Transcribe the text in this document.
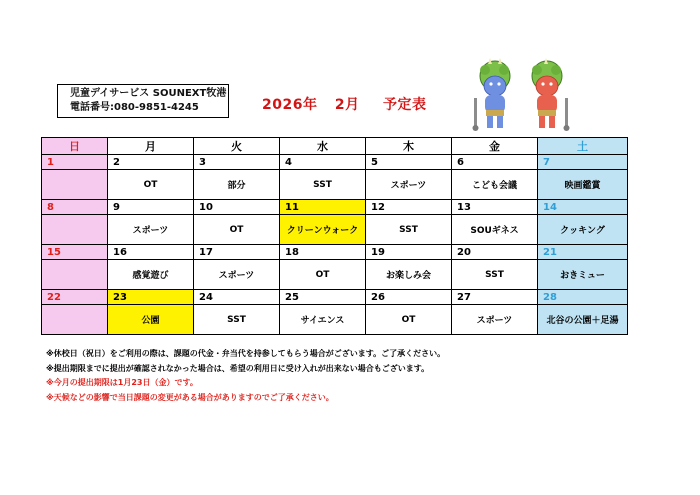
児童デイサービス SOUNEXT牧港
電話番号:080-9851-4245	2026年 2月 予定表
日	月	火	水	木	金	土
1	2	3	4	5	6	7
	OT	部分	SST	スポーツ	こども会議	映画鑑賞
8	9	10	11	12	13	14
	スポーツ	OT	クリーンウォーク	SST	SOUギネス	クッキング
15	16	17	18	19	20	21
	感覚遊び	スポーツ	OT	お楽しみ会	SST	おきミュー
22	23	24	25	26	27	28
	公園	SST	サイエンス	OT	スポーツ	北谷の公園＋足湯
※休校日（祝日）をご利用の際は、課題の代金・弁当代を持参してもらう場合がございます。ご了承ください。
※提出期限までに提出が確認されなかった場合は、希望の利用日に受け入れが出来ない場合もございます。
※今月の提出期限は1月23日（金）です。
※天候などの影響で当日課題の変更がある場合がありますのでご了承ください。
